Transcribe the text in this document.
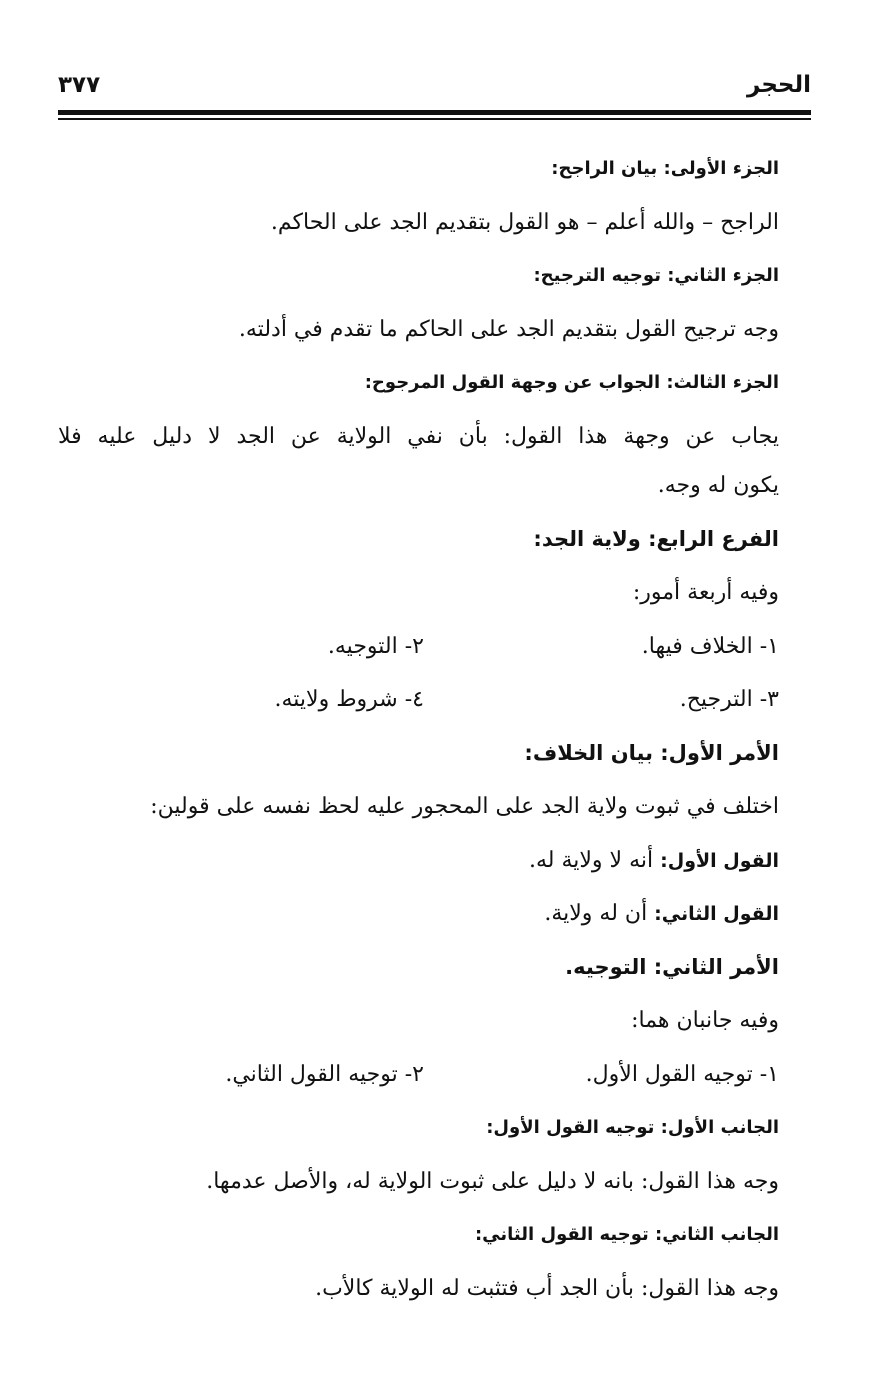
الحجر
٣٧٧
الجزء الأولى: بيان الراجح:
الراجح – والله أعلم – هو القول بتقديم الجد على الحاكم.
الجزء الثاني: توجيه الترجيح:
وجه ترجيح القول بتقديم الجد على الحاكم ما تقدم في أدلته.
الجزء الثالث: الجواب عن وجهة القول المرجوح:
يجاب عن وجهة هذا القول: بأن نفي الولاية عن الجد لا دليل عليه فلا
يكون له وجه.
الفرع الرابع: ولاية الجد:
وفيه أربعة أمور:
١- الخلاف فيها.
٢- التوجيه.
٣- الترجيح.
٤- شروط ولايته.
الأمر الأول: بيان الخلاف:
اختلف في ثبوت ولاية الجد على المحجور عليه لحظ نفسه على قولين:
القول الأول: أنه لا ولاية له.
القول الثاني: أن له ولاية.
الأمر الثاني: التوجيه.
وفيه جانبان هما:
١- توجيه القول الأول.
٢- توجيه القول الثاني.
الجانب الأول: توجيه القول الأول:
وجه هذا القول: بانه لا دليل على ثبوت الولاية له، والأصل عدمها.
الجانب الثاني: توجيه القول الثاني:
وجه هذا القول: بأن الجد أب فتثبت له الولاية كالأب.
